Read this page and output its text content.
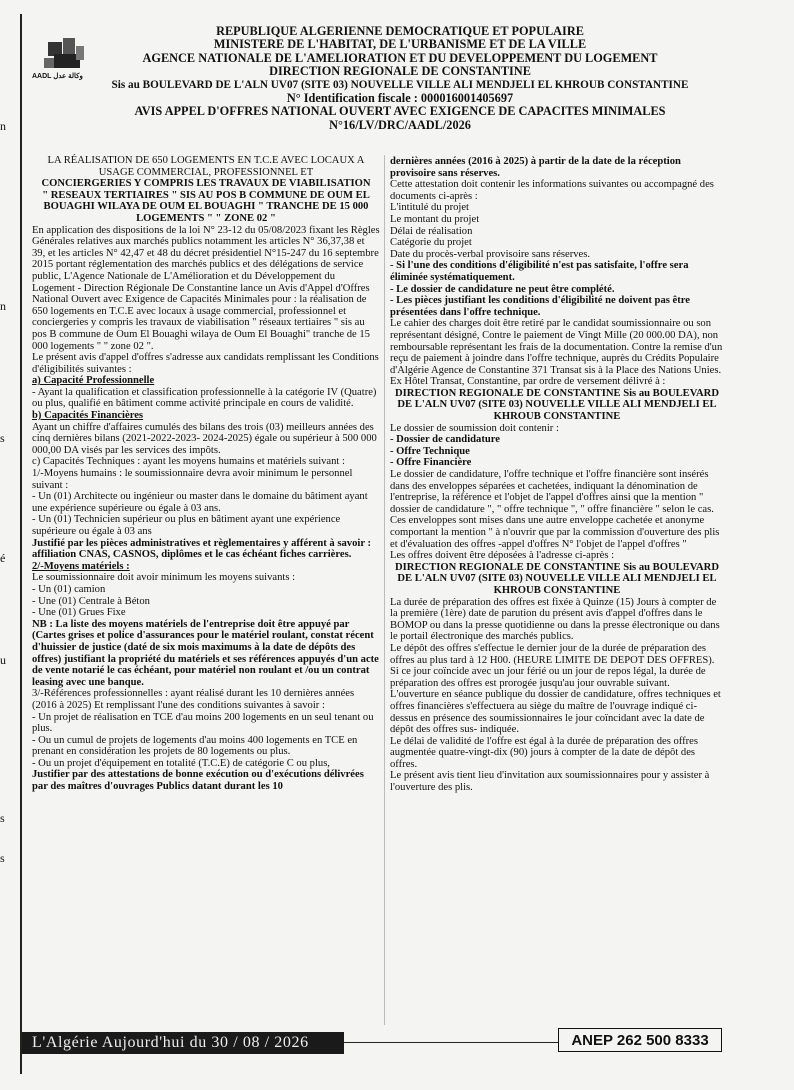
n
n
s
é
u
s
s
AADL وكالة عدل
REPUBLIQUE ALGERIENNE DEMOCRATIQUE ET POPULAIRE
MINISTERE DE L'HABITAT, DE L'URBANISME ET DE LA VILLE
AGENCE NATIONALE DE L'AMELIORATION ET DU DEVELOPPEMENT DU LOGEMENT
DIRECTION REGIONALE DE CONSTANTINE
Sis au BOULEVARD DE L'ALN UV07 (SITE 03) NOUVELLE VILLE ALI MENDJELI EL KHROUB CONSTANTINE
N° Identification fiscale : 000016001405697
AVIS APPEL D'OFFRES NATIONAL OUVERT AVEC EXIGENCE DE CAPACITES MINIMALES
N°16/LV/DRC/AADL/2026

LA RÉALISATION DE 650 LOGEMENTS EN T.C.E AVEC LOCAUX A USAGE COMMERCIAL, PROFESSIONNEL ET

CONCIERGERIES Y COMPRIS LES TRAVAUX DE VIABILISATION

" RESEAUX TERTIAIRES " SIS AU POS B COMMUNE DE OUM EL BOUAGHI WILAYA DE OUM EL BOUAGHI " TRANCHE DE 15 000 LOGEMENTS " " ZONE 02 "

En application des dispositions de la loi N° 23-12 du 05/08/2023 fixant les Règles Générales relatives aux marchés publics notamment les articles N° 36,37,38 et 39, et les articles N° 42,47 et 48 du décret présidentiel N°15-247 du 16 septembre 2015 portant réglementation des marchés publics et des délégations de service public, L'Agence Nationale de L'Amélioration et du Développement du Logement - Direction Régionale De Constantine lance un Avis d'Appel d'Offres National Ouvert avec Exigence de Capacités Minimales pour : la réalisation de 650 logements en T.C.E avec locaux à usage commercial, professionnel et conciergeries y compris les travaux de viabilisation " réseaux tertiaires " sis au pos B commune de Oum El Bouaghi wilaya de Oum El Bouaghi" tranche de 15 000 logements " " zone 02 ".

Le présent avis d'appel d'offres s'adresse aux candidats remplissant les Conditions d'éligibilités suivantes :

a) Capacité Professionnelle

- Ayant la qualification et classification professionnelle à la catégorie IV (Quatre) ou plus, qualifié en bâtiment comme activité principale en cours de validité.

b) Capacités Financières

Ayant un chiffre d'affaires cumulés des bilans des trois (03) meilleurs années des cinq dernières bilans (2021-2022-2023- 2024-2025) égale ou supérieur à 500 000 000,00 DA visés par les services des impôts.

c) Capacités Techniques : ayant les moyens humains et matériels suivant :

1/-Moyens humains : le soumissionnaire devra avoir minimum le personnel suivant :

- Un (01) Architecte ou ingénieur ou master dans le domaine du bâtiment ayant une expérience supérieure ou égale à 03 ans.

- Un (01) Technicien supérieur ou plus en bâtiment ayant une expérience supérieure ou égale à 03 ans

Justifié par les pièces administratives et règlementaires y afférent à savoir : affiliation CNAS, CASNOS, diplômes et le cas échéant fiches carrières.

2/-Moyens matériels :

Le soumissionnaire doit avoir minimum les moyens suivants :

- Un (01) camion

- Une (01) Centrale à Béton

- Une (01) Grues Fixe

NB : La liste des moyens matériels de l'entreprise doit être appuyé par (Cartes grises et police d'assurances pour le matériel roulant, constat récent d'huissier de justice (daté de six mois maximums à la date de dépôts des offres) justifiant la propriété du matériels et ses références appuyés d'un acte de vente notarié le cas échéant, pour matériel non roulant et /ou un contrat leasing avec une banque.

3/-Références professionnelles : ayant réalisé durant les 10 dernières années (2016 à 2025) Et remplissant l'une des conditions suivantes à savoir :

- Un projet de réalisation en TCE d'au moins 200 logements en un seul tenant ou plus.

- Ou un cumul de projets de logements d'au moins 400 logements en TCE en prenant en considération les projets de 80 logements ou plus.

- Ou un projet d'équipement en totalité (T.C.E) de catégorie C ou plus,

Justifier par des attestations de bonne exécution ou d'exécutions délivrées par des maîtres d'ouvrages Publics datant durant les 10

dernières années (2016 à 2025) à partir de la date de la réception provisoire sans réserves.

Cette attestation doit contenir les informations suivantes ou accompagné des documents ci-après :

L'intitulé du projet

Le montant du projet

Délai de réalisation

Catégorie du projet

Date du procès-verbal provisoire sans réserves.

- Si l'une des conditions d'éligibilité n'est pas satisfaite, l'offre sera éliminée systématiquement.

- Le dossier de candidature ne peut être complété.

- Les pièces justifiant les conditions d'éligibilité ne doivent pas être présentées dans l'offre technique.

Le cahier des charges doit être retiré par le candidat soumissionnaire ou son représentant désigné, Contre le paiement de Vingt Mille (20 000.00 DA), non remboursable représentant les frais de la documentation. Contre la remise d'un reçu de paiement à joindre dans l'offre technique, auprès du Crédits Populaire d'Algérie Agence de Constantine 371 Transat sis à la Place des Nations Unies. Ex Hôtel Transat, Constantine, par ordre de versement délivré à :

DIRECTION REGIONALE DE CONSTANTINE Sis au BOULEVARD DE L'ALN UV07 (SITE 03) NOUVELLE VILLE ALI MENDJELI EL KHROUB CONSTANTINE

Le dossier de soumission doit contenir :

- Dossier de candidature

- Offre Technique

- Offre Financière

Le dossier de candidature, l'offre technique et l'offre financière sont insérés dans des enveloppes séparées et cachetées, indiquant la dénomination de l'entreprise, la référence et l'objet de l'appel d'offres ainsi que la mention " dossier de candidature ", " offre technique ", " offre financière " selon le cas.

Ces enveloppes sont mises dans une autre enveloppe cachetée et anonyme comportant la mention " à n'ouvrir que par la commission d'ouverture des plis et d'évaluation des offres -appel d'offres N° l'objet de l'appel d'offres "

Les offres doivent être déposées à l'adresse ci-après :

DIRECTION REGIONALE DE CONSTANTINE Sis au BOULEVARD DE L'ALN UV07 (SITE 03) NOUVELLE VILLE ALI MENDJELI EL KHROUB CONSTANTINE

La durée de préparation des offres est fixée à Quinze (15) Jours à compter de la première (1ère) date de parution du présent avis d'appel d'offres dans le BOMOP ou dans la presse quotidienne ou dans la presse électronique ou dans le portail électronique des marchés publics.

Le dépôt des offres s'effectue le dernier jour de la durée de préparation des offres au plus tard à 12 H00. (HEURE LIMITE DE DEPOT DES OFFRES).

Si ce jour coïncide avec un jour férié ou un jour de repos légal, la durée de préparation des offres est prorogée jusqu'au jour ouvrable suivant.

L'ouverture en séance publique du dossier de candidature, offres techniques et offres financières s'effectuera au siège du maître de l'ouvrage indiqué ci-dessus en présence des soumissionnaires le jour coïncidant avec la date de dépôt des offres sus- indiquée.

Le délai de validité de l'offre est égal à la durée de préparation des offres augmentée quatre-vingt-dix (90) jours à compter de la date de dépôt des offres.

Le présent avis tient lieu d'invitation aux soumissionnaires pour y assister à l'ouverture des plis.

L'Algérie Aujourd'hui du 30 / 08 / 2026	ANEP 262 500 8333
